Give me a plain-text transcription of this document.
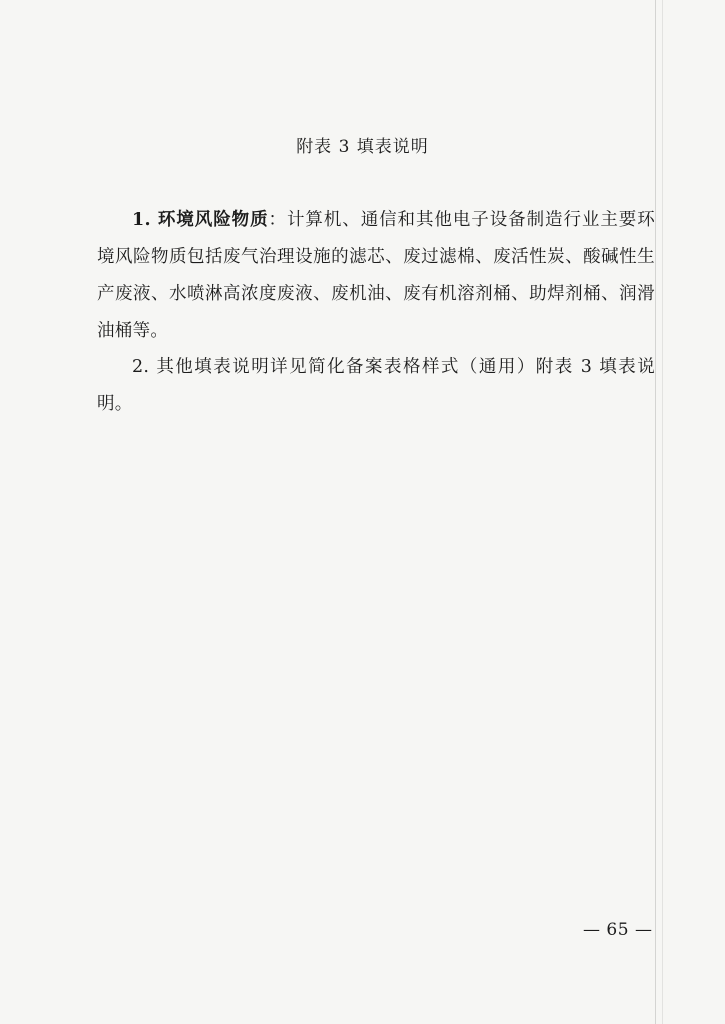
附表 3 填表说明

1. 环境风险物质：计算机、通信和其他电子设备制造行业主要环境风险物质包括废气治理设施的滤芯、废过滤棉、废活性炭、酸碱性生产废液、水喷淋高浓度废液、废机油、废有机溶剂桶、助焊剂桶、润滑油桶等。

2. 其他填表说明详见简化备案表格样式（通用）附表 3 填表说明。

— 65 —
